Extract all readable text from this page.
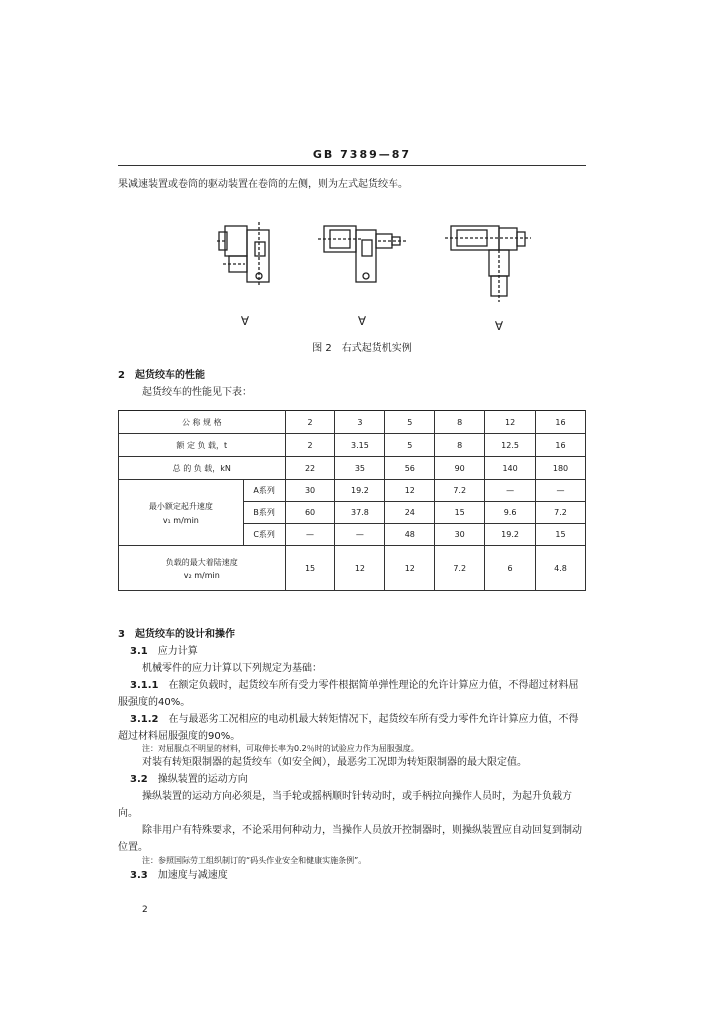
GB 7389—87
果减速装置或卷筒的驱动装置在卷筒的左侧，则为左式起货绞车。
∀	∀	∀
图 2　右式起货机实例
2　起货绞车的性能
起货绞车的性能见下表：
公 称 规 格		2	3	5	8	12	16
额 定 负 载，t		2	3.15	5	8	12.5	16
总 的 负 载，kN		22	35	56	90	140	180

最小额定起升速度
v₁ m/min	A系列	30	19.2	12	7.2	—	—
	B系列	60	37.8	24	15	9.6	7.2
	C系列	—	—	48	30	19.2	15

负载的最大着陆速度
v₂ m/min		15	12	12	7.2	6	4.8
3　起货绞车的设计和操作
3.1　 应力计算
机械零件的应力计算以下列规定为基础：
3.1.1　 在额定负载时，起货绞车所有受力零件根据简单弹性理论的允许计算应力值，不得超过材料屈服强度的40%。
3.1.2　 在与最恶劣工况相应的电动机最大转矩情况下，起货绞车所有受力零件允许计算应力值，不得超过材料屈服强度的90%。
注：对屈服点不明显的材料，可取伸长率为0.2％时的试验应力作为屈服强度。
对装有转矩限制器的起货绞车（如安全阀），最恶劣工况即为转矩限制器的最大限定值。
3.2　 操纵装置的运动方向
操纵装置的运动方向必须是，当手轮或摇柄顺时针转动时，或手柄拉向操作人员时，为起升负载方向。
除非用户有特殊要求，不论采用何种动力，当操作人员放开控制器时，则操纵装置应自动回复到制动位置。
注：参照国际劳工组织制订的“码头作业安全和健康实施条例”。
3.3　 加速度与减速度
2
